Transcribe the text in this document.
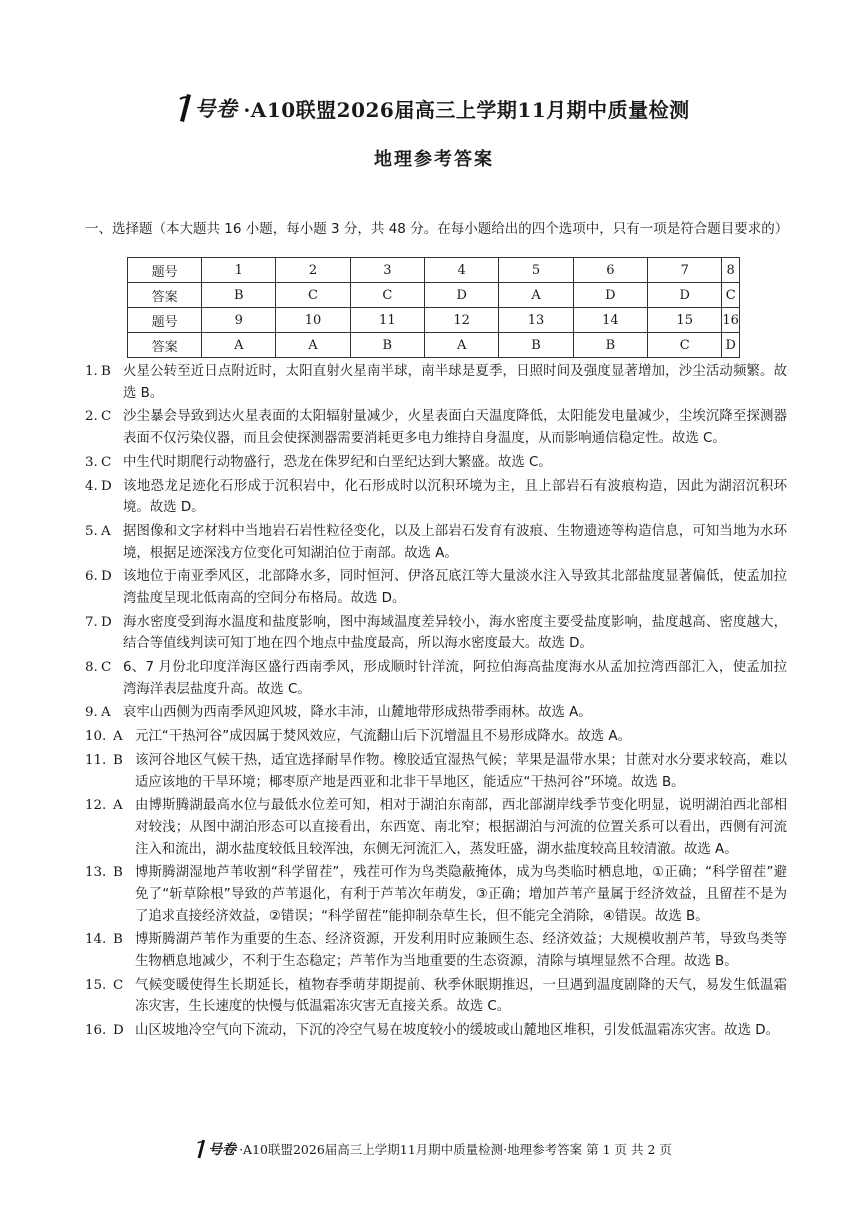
号卷 ·A10联盟2026届高三上学期11月期中质量检测
地理参考答案
一、选择题（本大题共 16 小题，每小题 3 分，共 48 分。在每小题给出的四个选项中，只有一项是符合题目要求的）
题号	1	2	3	4	5	6	7	8
答案	B	C	C	D	A	D	D	C
题号	9	10	11	12	13	14	15	16
答案	A	A	B	A	B	B	C	D
1. B 火星公转至近日点附近时，太阳直射火星南半球，南半球是夏季，日照时间及强度显著增加，沙尘活动频繁。故选 B。
2. C 沙尘暴会导致到达火星表面的太阳辐射量减少，火星表面白天温度降低，太阳能发电量减少，尘埃沉降至探测器表面不仅污染仪器，而且会使探测器需要消耗更多电力维持自身温度，从而影响通信稳定性。故选 C。
3. C 中生代时期爬行动物盛行，恐龙在侏罗纪和白垩纪达到大繁盛。故选 C。
4. D 该地恐龙足迹化石形成于沉积岩中，化石形成时以沉积环境为主，且上部岩石有波痕构造，因此为湖沼沉积环境。故选 D。
5. A 据图像和文字材料中当地岩石岩性粒径变化，以及上部岩石发育有波痕、生物遗迹等构造信息，可知当地为水环境，根据足迹深浅方位变化可知湖泊位于南部。故选 A。
6. D 该地位于南亚季风区，北部降水多，同时恒河、伊洛瓦底江等大量淡水注入导致其北部盐度显著偏低，使孟加拉湾盐度呈现北低南高的空间分布格局。故选 D。
7. D 海水密度受到海水温度和盐度影响，图中海域温度差异较小，海水密度主要受盐度影响，盐度越高、密度越大，结合等值线判读可知丁地在四个地点中盐度最高，所以海水密度最大。故选 D。
8. C 6、7 月份北印度洋海区盛行西南季风，形成顺时针洋流，阿拉伯海高盐度海水从孟加拉湾西部汇入，使孟加拉湾海洋表层盐度升高。故选 C。
9. A 哀牢山西侧为西南季风迎风坡，降水丰沛，山麓地带形成热带季雨林。故选 A。
10. A 元江“干热河谷”成因属于焚风效应，气流翻山后下沉增温且不易形成降水。故选 A。
11. B 该河谷地区气候干热，适宜选择耐旱作物。橡胶适宜湿热气候；苹果是温带水果；甘蔗对水分要求较高，难以适应该地的干旱环境；椰枣原产地是西亚和北非干旱地区，能适应“干热河谷”环境。故选 B。
12. A 由博斯腾湖最高水位与最低水位差可知，相对于湖泊东南部，西北部湖岸线季节变化明显，说明湖泊西北部相对较浅；从图中湖泊形态可以直接看出，东西宽、南北窄；根据湖泊与河流的位置关系可以看出，西侧有河流注入和流出，湖水盐度较低且较浑浊，东侧无河流汇入，蒸发旺盛，湖水盐度较高且较清澈。故选 A。
13. B 博斯腾湖湿地芦苇收割“科学留茬”，残茬可作为鸟类隐蔽掩体，成为鸟类临时栖息地，①正确；“科学留茬”避免了“斩草除根”导致的芦苇退化，有利于芦苇次年萌发，③正确；增加芦苇产量属于经济效益，且留茬不是为了追求直接经济效益，②错误；“科学留茬”能抑制杂草生长，但不能完全消除，④错误。故选 B。
14. B 博斯腾湖芦苇作为重要的生态、经济资源，开发利用时应兼顾生态、经济效益；大规模收割芦苇，导致鸟类等生物栖息地减少，不利于生态稳定；芦苇作为当地重要的生态资源，清除与填埋显然不合理。故选 B。
15. C 气候变暖使得生长期延长，植物春季萌芽期提前、秋季休眠期推迟，一旦遇到温度剧降的天气，易发生低温霜冻灾害，生长速度的快慢与低温霜冻灾害无直接关系。故选 C。
16. D 山区坡地冷空气向下流动，下沉的冷空气易在坡度较小的缓坡或山麓地区堆积，引发低温霜冻灾害。故选 D。
号卷 ·A10联盟2026届高三上学期11月期中质量检测·地理参考答案 第 1 页 共 2 页
